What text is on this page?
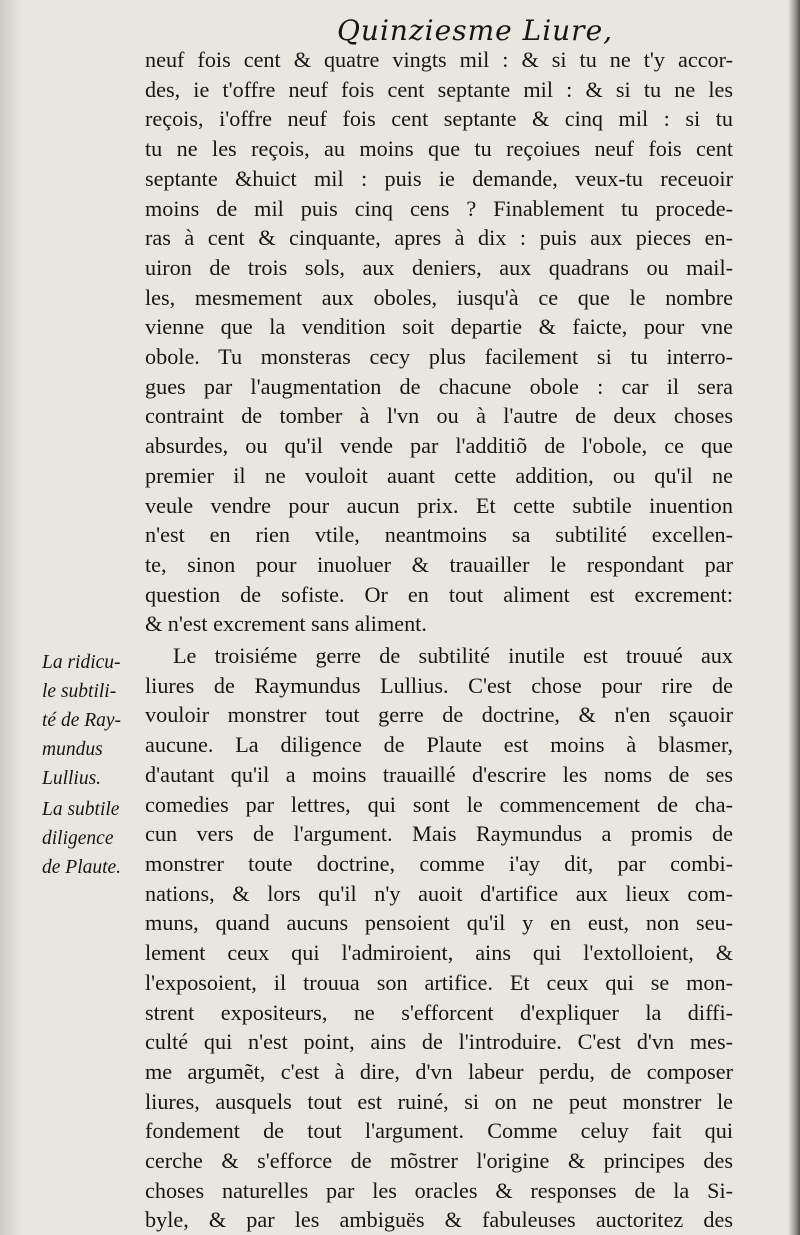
Quinziesme Liure,
neuf fois cent & quatre vingts mil : & si tu ne t'y accor-
des, ie t'offre neuf fois cent septante mil : & si tu ne les
reçois, i'offre neuf fois cent septante & cinq mil : si tu
tu ne les reçois, au moins que tu reçoiues neuf fois cent
septante &huict mil : puis ie demande, veux-tu receuoir
moins de mil puis cinq cens ? Finablement tu procede-
ras à cent & cinquante, apres à dix : puis aux pieces en-
uiron de trois sols, aux deniers, aux quadrans ou mail-
les, mesmement aux oboles, iusqu'à ce que le nombre
vienne que la vendition soit departie & faicte, pour vne
obole. Tu monsteras cecy plus facilement si tu interro-
gues par l'augmentation de chacune obole : car il sera
contraint de tomber à l'vn ou à l'autre de deux choses
absurdes, ou qu'il vende par l'additiõ de l'obole, ce que
premier il ne vouloit auant cette addition, ou qu'il ne
veule vendre pour aucun prix. Et cette subtile inuention
n'est en rien vtile, neantmoins sa subtilité excellen-
te, sinon pour inuoluer & trauailler le respondant par
question de sofiste. Or en tout aliment est excrement:
& n'est excrement sans aliment.
Le troisiéme gerre de subtilité inutile est trouué aux
liures de Raymundus Lullius. C'est chose pour rire de
vouloir monstrer tout gerre de doctrine, & n'en sçauoir
aucune. La diligence de Plaute est moins à blasmer,
d'autant qu'il a moins trauaillé d'escrire les noms de ses
comedies par lettres, qui sont le commencement de cha-
cun vers de l'argument. Mais Raymundus a promis de
monstrer toute doctrine, comme i'ay dit, par combi-
nations, & lors qu'il n'y auoit d'artifice aux lieux com-
muns, quand aucuns pensoient qu'il y en eust, non seu-
lement ceux qui l'admiroient, ains qui l'extolloient, &
l'exposoient, il trouua son artifice. Et ceux qui se mon-
strent expositeurs, ne s'efforcent d'expliquer la diffi-
culté qui n'est point, ains de l'introduire. C'est d'vn mes-
me argumẽt, c'est à dire, d'vn labeur perdu, de composer
liures, ausquels tout est ruiné, si on ne peut monstrer le
fondement de tout l'argument. Comme celuy fait qui
cerche & s'efforce de mõstrer l'origine & principes des
choses naturelles par les oracles & responses de la Si-
byle, & par les ambiguës & fabuleuses auctoritez des
La ridicu-
le subtili-
té de Ray-
mundus
Lullius.
La subtile
diligence
de Plaute.
